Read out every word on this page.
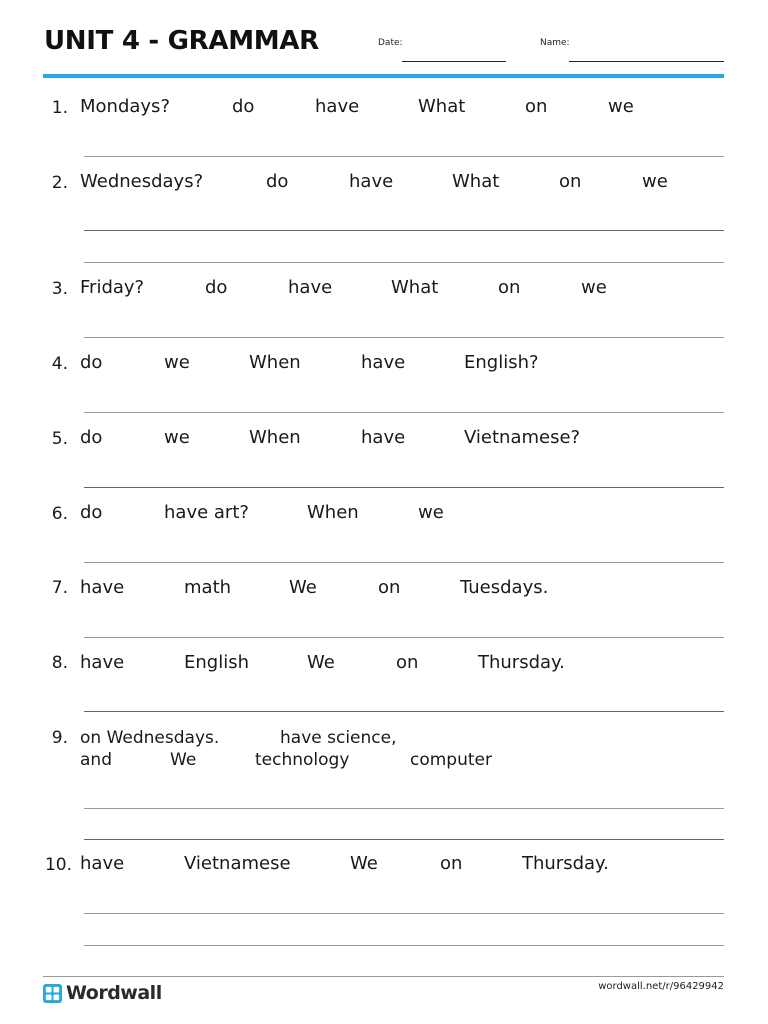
UNIT 4 - GRAMMAR	Date:	Name:
1. Mondays?	do	have	What	on	we
2. Wednesdays?	do	have	What	on	we
3. Friday?	do	have	What	on	we
4. do	we	When	have	English?
5. do	we	When	have	Vietnamese?
6. do	have art?	When	we
7. have	math	We	on	Tuesdays.
8. have	English	We	on	Thursday.
9. on Wednesdays.	have science,
and	We	technology	computer
10. have	Vietnamese	We	on	Thursday.
Wordwall	wordwall.net/r/96429942
